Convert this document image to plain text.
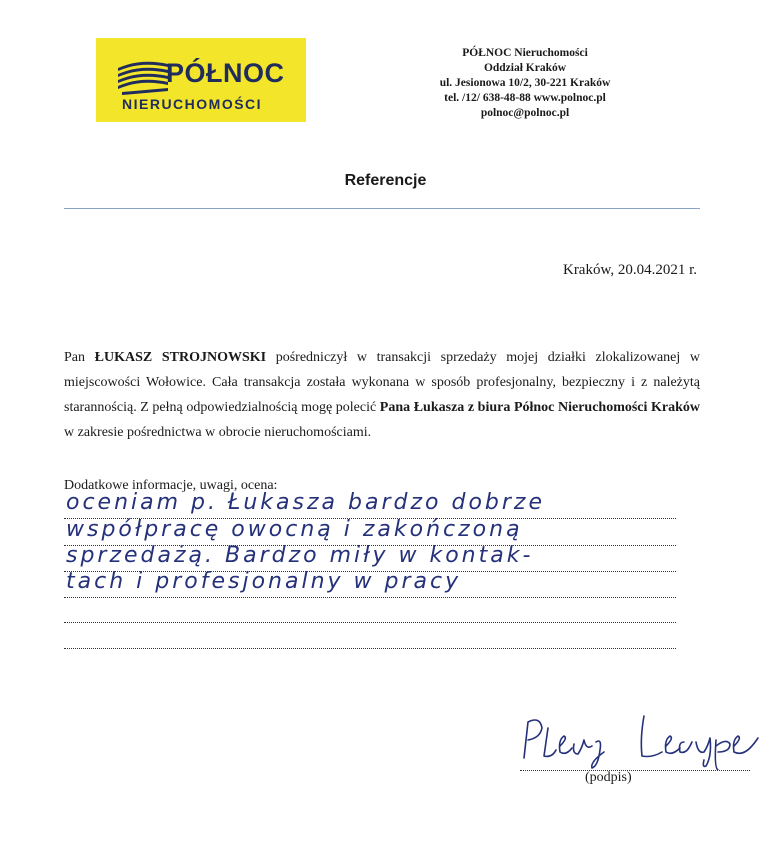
PÓŁNOC
NIERUCHOMOŚCI
PÓŁNOC Nieruchomości
Oddział Kraków
ul. Jesionowa 10/2, 30-221 Kraków
tel. /12/ 638-48-88 www.polnoc.pl
polnoc@polnoc.pl
Referencje
Kraków, 20.04.2021 r.

Pan ŁUKASZ STROJNOWSKI pośredniczył w transakcji sprzedaży mojej działki zlokalizowanej w miejscowości Wołowice. Cała transakcja została wykonana w sposób profesjonalny, bezpieczny i z należytą starannością. Z pełną odpowiedzialnością mogę polecić Pana Łukasza z biura Północ Nieruchomości Kraków w zakresie pośrednictwa w obrocie nieruchomościami.

Dodatkowe informacje, uwagi, ocena:
oceniam p. Łukasza bardzo dobrze
współpracę owocną i zakończoną
sprzedażą. Bardzo miły w kontak-
tach i profesjonalny w pracy
(podpis)
